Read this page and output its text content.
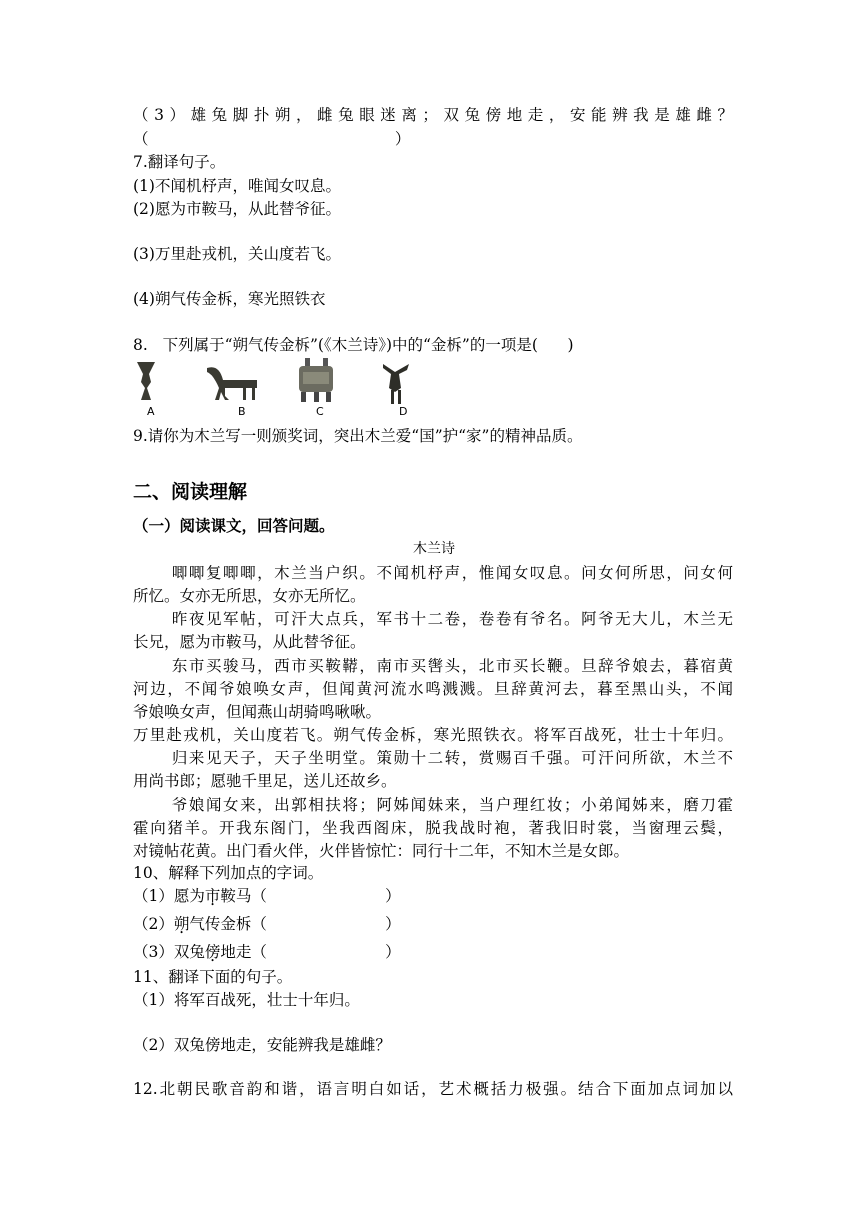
（3）雄兔脚扑朔，雌兔眼迷离；双兔傍地走，安能辨我是雄雌？
（                                                  ）
7.翻译句子。
(1)不闻机杼声，唯闻女叹息。
(2)愿为市鞍马，从此替爷征。
(3)万里赴戎机，关山度若飞。
(4)朔气传金柝，寒光照铁衣
8.   下列属于“朔气传金柝”(《木兰诗》)中的“金柝”的一项是(      )
A	B	C	D
9.请你为木兰写一则颁奖词，突出木兰爱“国”护“家”的精神品质。
二、阅读理解
（一）阅读课文，回答问题。
木兰诗
唧唧复唧唧，木兰当户织。不闻机杼声，惟闻女叹息。问女何所思，问女何
所忆。女亦无所思，女亦无所忆。
昨夜见军帖，可汗大点兵，军书十二卷，卷卷有爷名。阿爷无大儿，木兰无
长兄，愿为市鞍马，从此替爷征。
东市买骏马，西市买鞍鞯，南市买辔头，北市买长鞭。旦辞爷娘去，暮宿黄
河边，不闻爷娘唤女声，但闻黄河流水鸣溅溅。旦辞黄河去，暮至黑山头，不闻
爷娘唤女声，但闻燕山胡骑鸣啾啾。
万里赴戎机，关山度若飞。朔气传金柝，寒光照铁衣。将军百战死，壮士十年归。
归来见天子，天子坐明堂。策勋十二转，赏赐百千强。可汗问所欲，木兰不
用尚书郎；愿驰千里足，送儿还故乡。
爷娘闻女来，出郭相扶将；阿姊闻妹来，当户理红妆；小弟闻姊来，磨刀霍
霍向猪羊。开我东阁门，坐我西阁床，脱我战时袍，著我旧时裳，当窗理云鬓，
对镜帖花黄。出门看火伴，火伴皆惊忙：同行十二年，不知木兰是女郎。
10、解释下列加点的字词。
（1）愿为市鞍马（                        ）
（2）朔气传金柝（                        ）
（3）双兔傍地走（                        ）
11、翻译下面的句子。
（1）将军百战死，壮士十年归。
（2）双兔傍地走，安能辨我是雄雌？
12.北朝民歌音韵和谐，语言明白如话，艺术概括力极强。结合下面加点词加以
